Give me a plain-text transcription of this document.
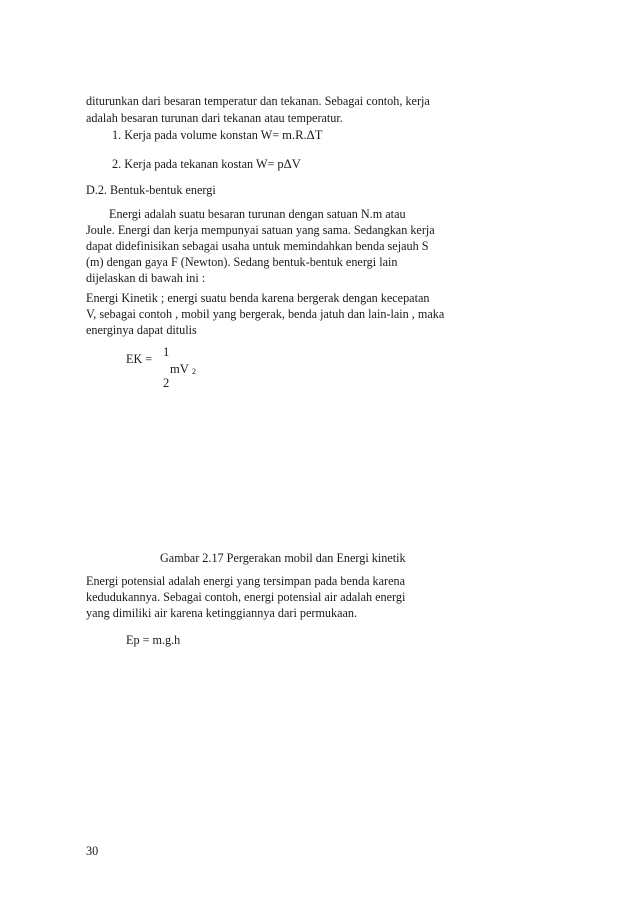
diturunkan dari besaran temperatur dan tekanan. Sebagai contoh, kerja
adalah besaran turunan dari tekanan atau temperatur.
1. Kerja pada volume konstan W= m.R.ΔT
2. Kerja pada tekanan kostan W= pΔV
D.2. Bentuk-bentuk energi
Energi adalah suatu besaran turunan dengan satuan N.m atau
Joule. Energi dan kerja mempunyai satuan yang sama. Sedangkan kerja
dapat didefinisikan sebagai usaha untuk memindahkan benda sejauh S
(m) dengan gaya F (Newton). Sedang bentuk-bentuk energi lain
dijelaskan di bawah ini :
Energi Kinetik ; energi suatu benda karena bergerak dengan kecepatan
V, sebagai contoh , mobil yang bergerak, benda jatuh dan lain-lain , maka
energinya dapat ditulis
EK = 1
mV 2
2
Gambar 2.17 Pergerakan mobil dan Energi kinetik
Energi potensial adalah energi yang tersimpan pada benda karena
kedudukannya. Sebagai contoh, energi potensial air adalah energi
yang dimiliki air karena ketinggiannya dari permukaan.
Ep = m.g.h
30
